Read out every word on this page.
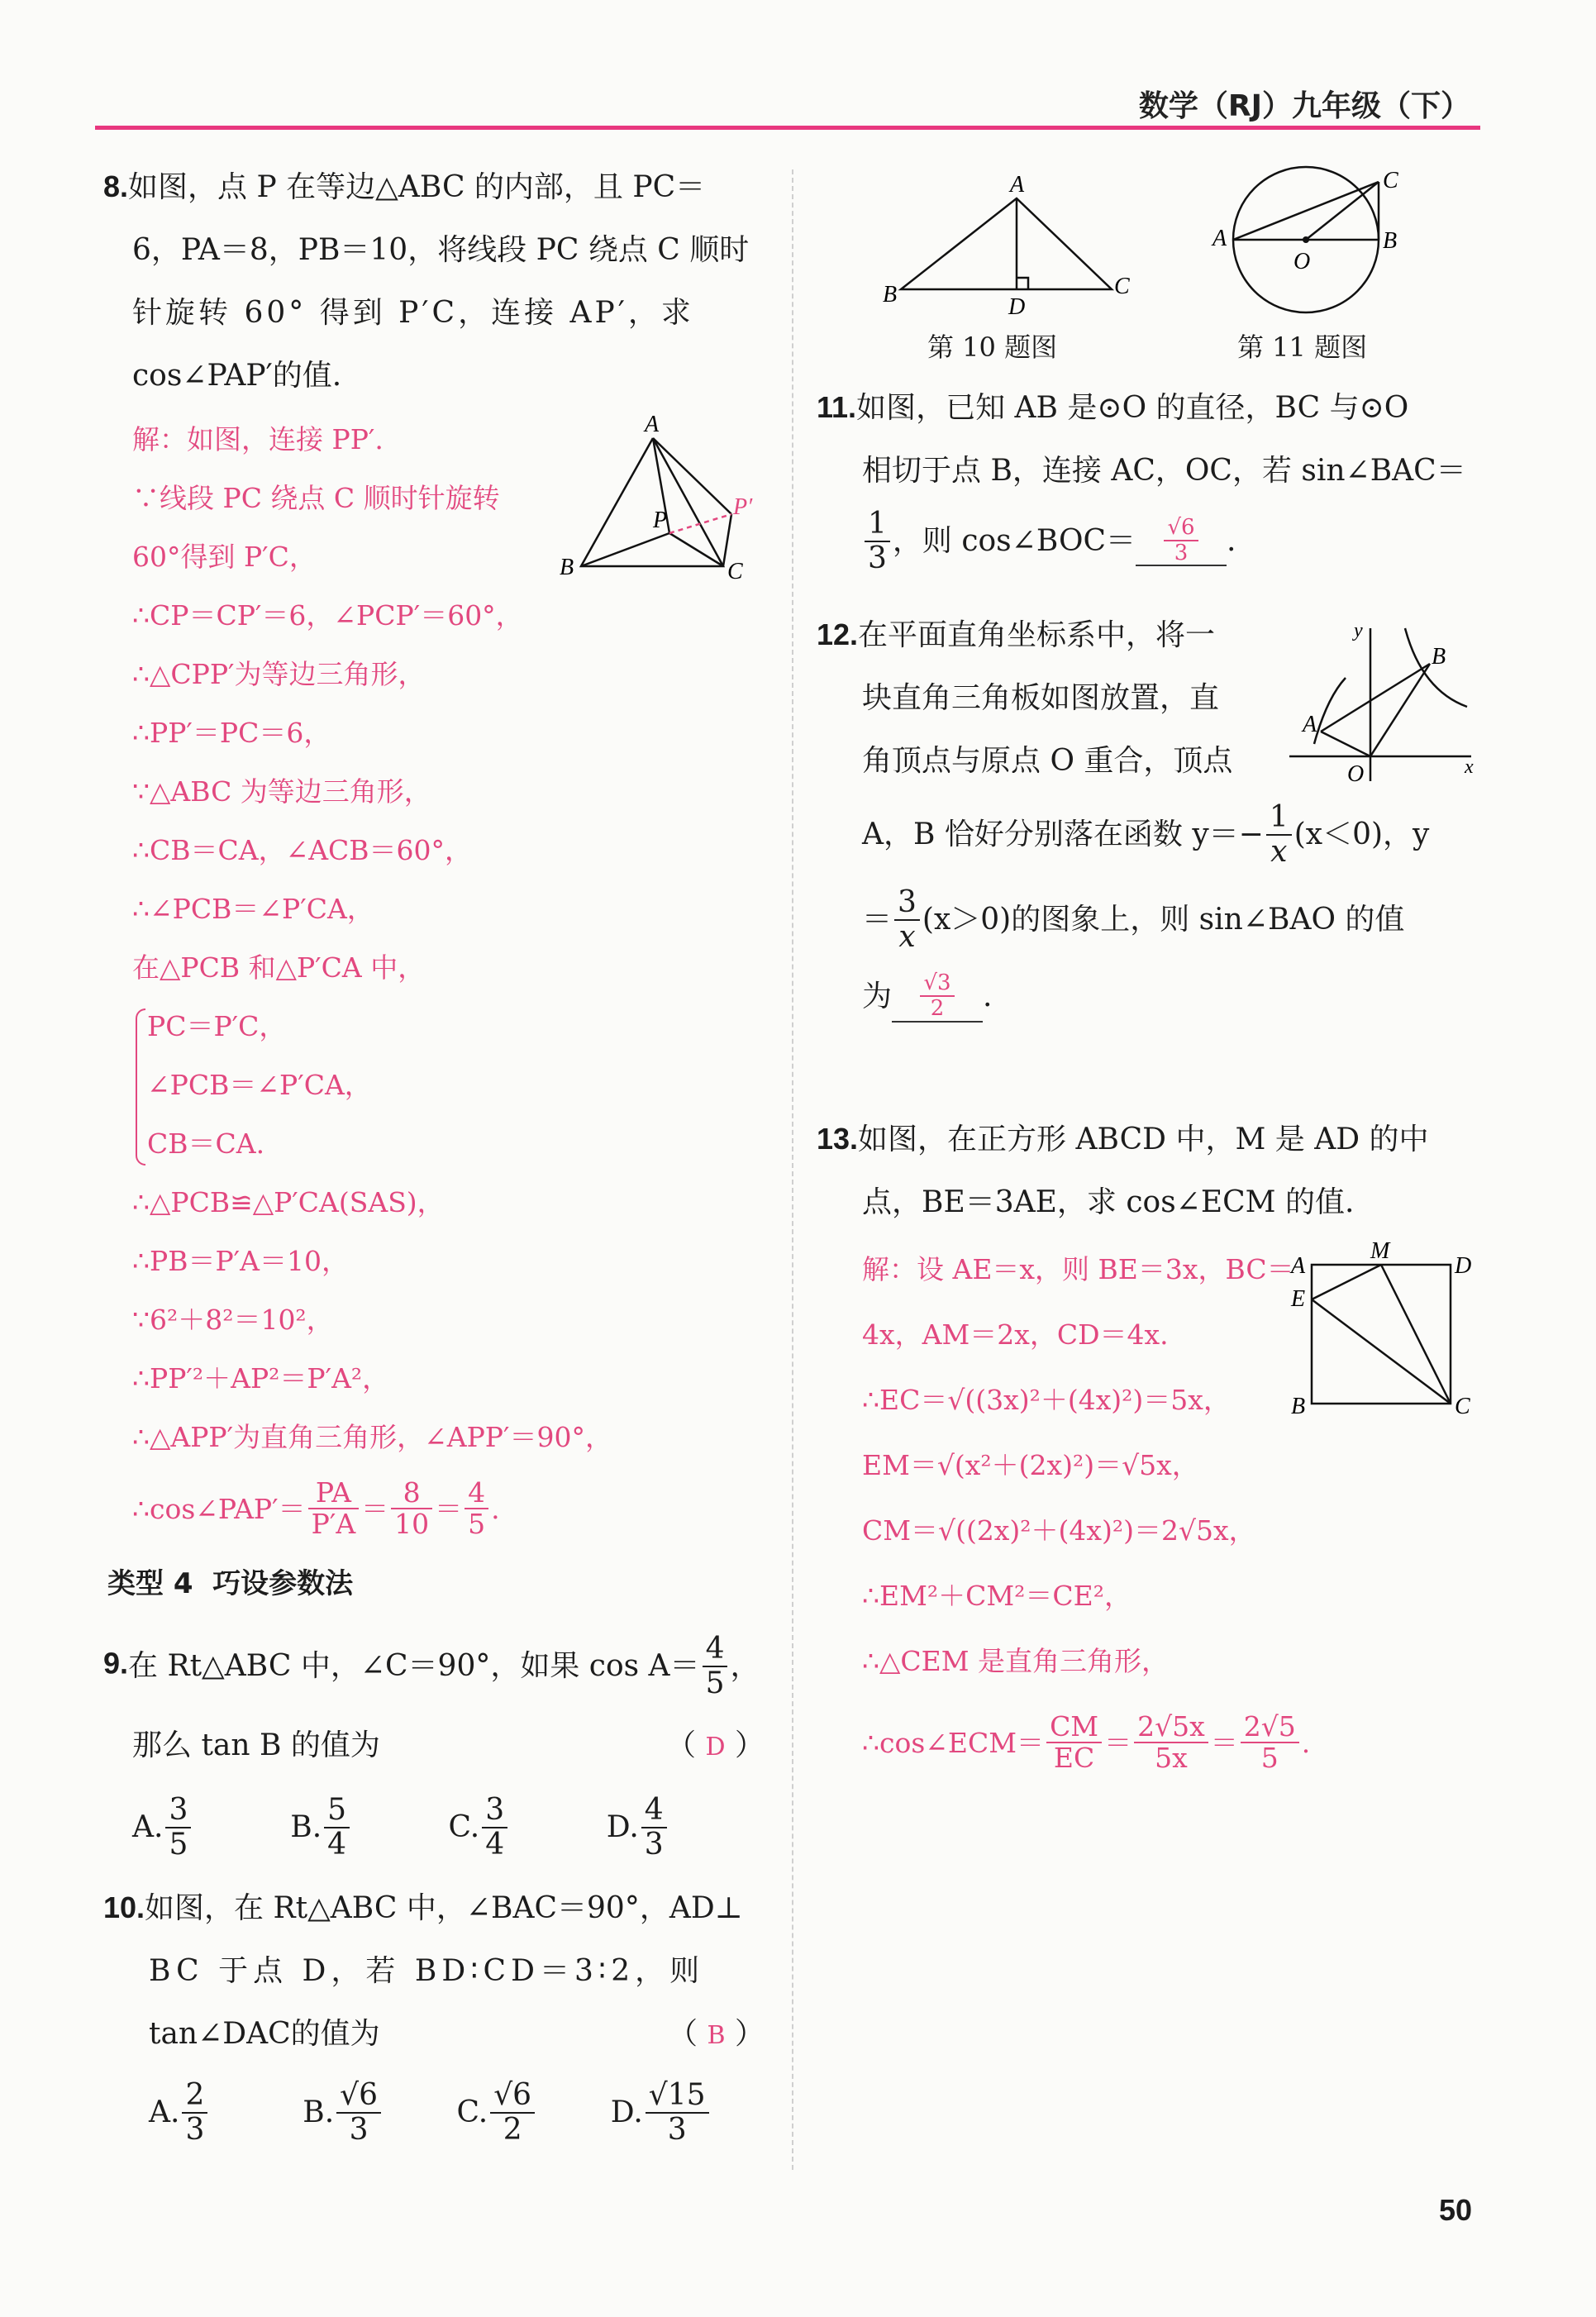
数学（RJ）九年级（下）
8.如图，点 P 在等边△ABC 的内部，且 PC＝
6，PA＝8，PB＝10，将线段 PC 绕点 C 顺时
针旋转 60° 得到 P′C，连接 AP′，求
cos∠PAP′的值.
解：如图，连接 PP′.
∵线段 PC 绕点 C 顺时针旋转
60°得到 P′C，
∴CP＝CP′＝6，∠PCP′＝60°，
∴△CPP′为等边三角形，
∴PP′＝PC＝6，
∵△ABC 为等边三角形，
∴CB＝CA，∠ACB＝60°，
∴∠PCB＝∠P′CA，
在△PCB 和△P′CA 中，
PC＝P′C，
∠PCB＝∠P′CA，
CB＝CA.
∴△PCB≌△P′CA(SAS)，
∴PB＝P′A＝10，
∵6²＋8²＝10²，
∴PP′²＋AP²＝P′A²，
∴△APP′为直角三角形，∠APP′＝90°，
∴cos∠PAP′＝ $\frac{PA}{P'A} = \frac{8}{10} = \frac{4}{5}$ .
A
B	C
P
P′
类型 4 巧设参数法
9.在 Rt△ABC 中，∠C＝90°，如果 $\cos A= \frac{4}{5}$ ，
那么 tan B 的值为	（ D ）
A. $\frac{3}{5}$	B. $\frac{5}{4}$	C. $\frac{3}{4}$	D. $\frac{4}{3}$
10.如图，在 Rt△ABC 中，∠BAC＝90°，AD⊥
BC 于点 D，若 BD∶CD＝3∶2，则
tan∠DAC的值为	（ B ）
A. $\frac{2}{3}$	B. $\frac{√6}{3}$	C. $\frac{√6}{2}$	D. $\frac{√15}{3}$
A
B	C
D
第 10 题图
A	B
C
O
第 11 题图
11.如图，已知 AB 是⊙O 的直径，BC 与⊙O
相切于点 B，连接 AC，OC，若 sin∠BAC＝
$\frac{1}{3}$ ，则 cos∠BOC＝ $\frac{√6}{3}$ .
12.在平面直角坐标系中，将一
块直角三角板如图放置，直
角顶点与原点 O 重合，顶点
A，B 恰好分别落在函数 $y=- \frac{1}{x} (x<0)$，y
＝ $\frac{3}{x} (x>0)$的图象上，则 sin∠BAO 的值
为 $\frac{√3}{2}$ .
y
x
O
A
B
13.如图，在正方形 ABCD 中，M 是 AD 的中
点，BE＝3AE，求 cos∠ECM 的值.
解：设 AE＝x，则 BE＝3x，BC＝
4x，AM＝2x，CD＝4x.
∴EC＝√((3x)²＋(4x)²)＝5x，
EM＝√(x²＋(2x)²)＝√5x，
CM＝√((2x)²＋(4x)²)＝2√5x，
∴EM²＋CM²＝CE²，
∴△CEM 是直角三角形，
∴cos∠ECM＝ $\frac{CM}{EC} = \frac{2√5x}{5x} = \frac{2√5}{5}$ .
A
M
D
E
B	C
50
